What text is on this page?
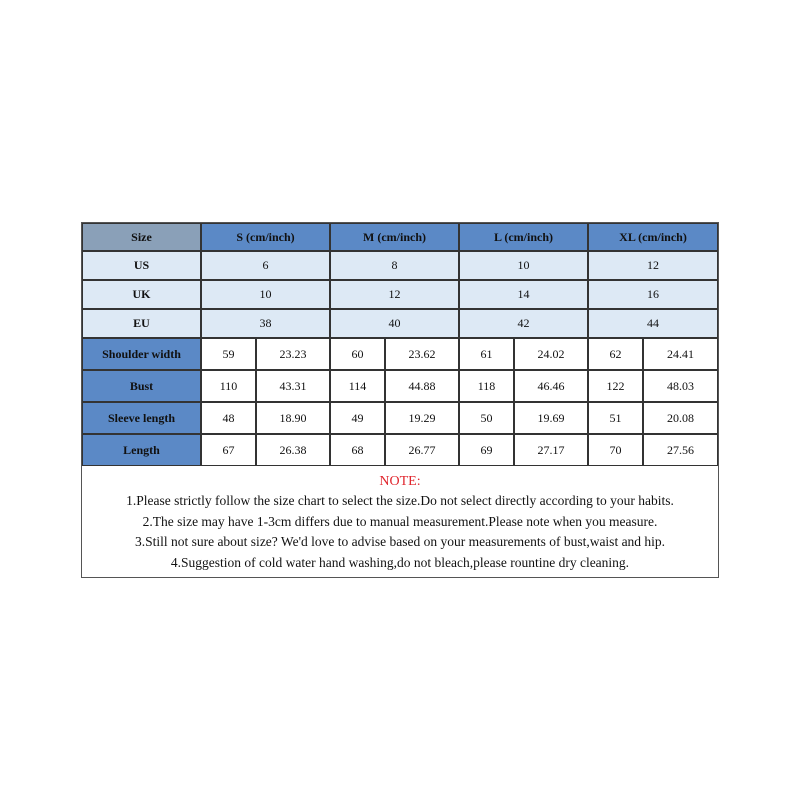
Size	S (cm/inch)	M (cm/inch)	L (cm/inch)	XL (cm/inch)
US	6	8	10	12
UK	10	12	14	16
EU	38	40	42	44
Shoulder width	59	23.23	60	23.62	61	24.02	62	24.41
Bust	110	43.31	114	44.88	118	46.46	122	48.03
Sleeve length	48	18.90	49	19.29	50	19.69	51	20.08
Length	67	26.38	68	26.77	69	27.17	70	27.56
NOTE:
1.Please strictly follow the size chart to select the size.Do not select directly according to your habits.
2.The size may have 1-3cm differs due to manual measurement.Please note when you measure.
3.Still not sure about size? We'd love to advise based on your measurements of bust,waist and hip.
4.Suggestion of cold water hand washing,do not bleach,please rountine dry cleaning.
